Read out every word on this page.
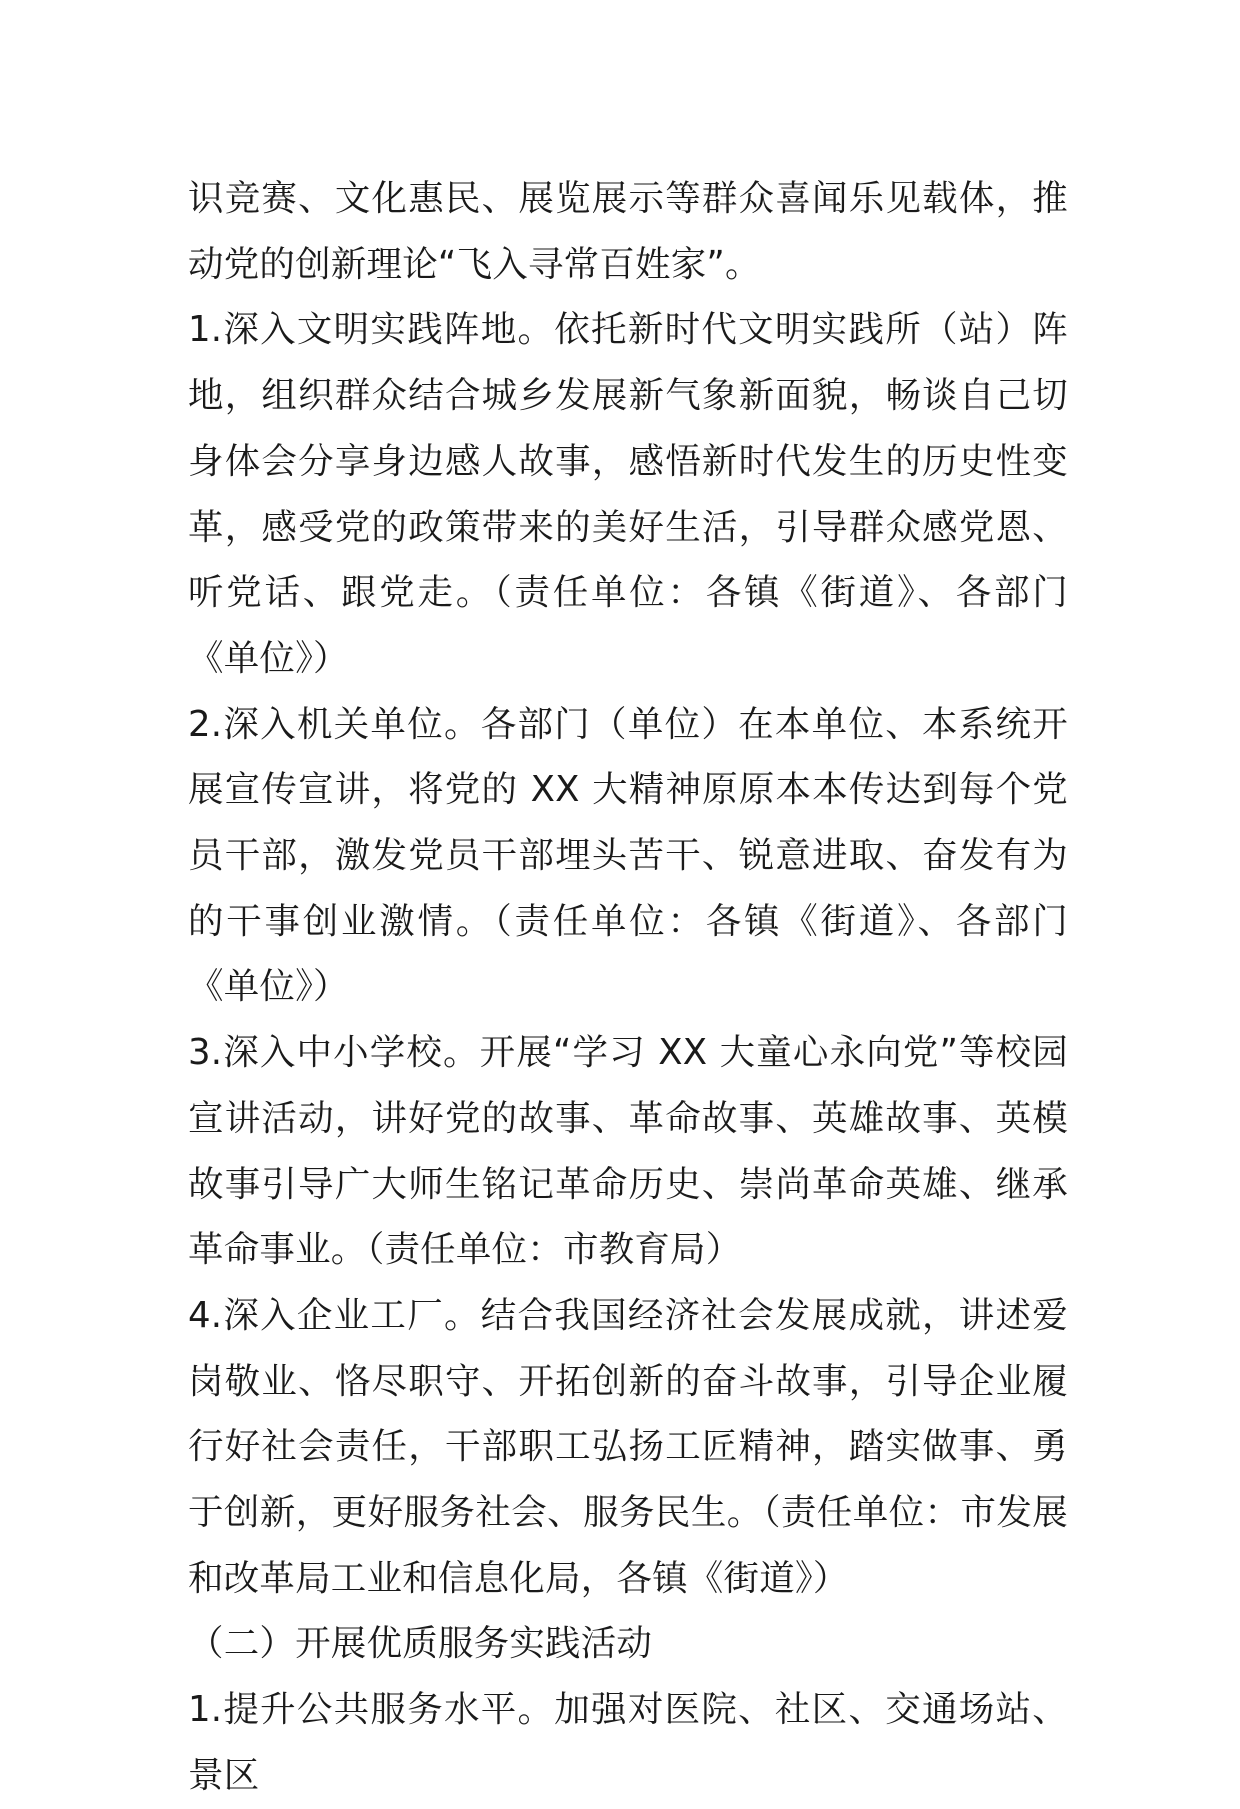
识竞赛、文化惠民、展览展示等群众喜闻乐见载体，推动党的创新理论“飞入寻常百姓家”。

1.深入文明实践阵地。依托新时代文明实践所（站）阵地，组织群众结合城乡发展新气象新面貌，畅谈自己切身体会分享身边感人故事，感悟新时代发生的历史性变革，感受党的政策带来的美好生活，引导群众感党恩、听党话、跟党走。（责任单位：各镇《街道》、各部门《单位》）

2.深入机关单位。各部门（单位）在本单位、本系统开展宣传宣讲，将党的 XX 大精神原原本本传达到每个党员干部，激发党员干部埋头苦干、锐意进取、奋发有为的干事创业激情。（责任单位：各镇《街道》、各部门《单位》）

3.深入中小学校。开展“学习 XX 大童心永向党”等校园宣讲活动，讲好党的故事、革命故事、英雄故事、英模故事引导广大师生铭记革命历史、崇尚革命英雄、继承革命事业。（责任单位：市教育局）

4.深入企业工厂。结合我国经济社会发展成就，讲述爱岗敬业、恪尽职守、开拓创新的奋斗故事，引导企业履行好社会责任，干部职工弘扬工匠精神，踏实做事、勇于创新，更好服务社会、服务民生。（责任单位：市发展和改革局工业和信息化局，各镇《街道》）

（二）开展优质服务实践活动

1.提升公共服务水平。加强对医院、社区、交通场站、景区
